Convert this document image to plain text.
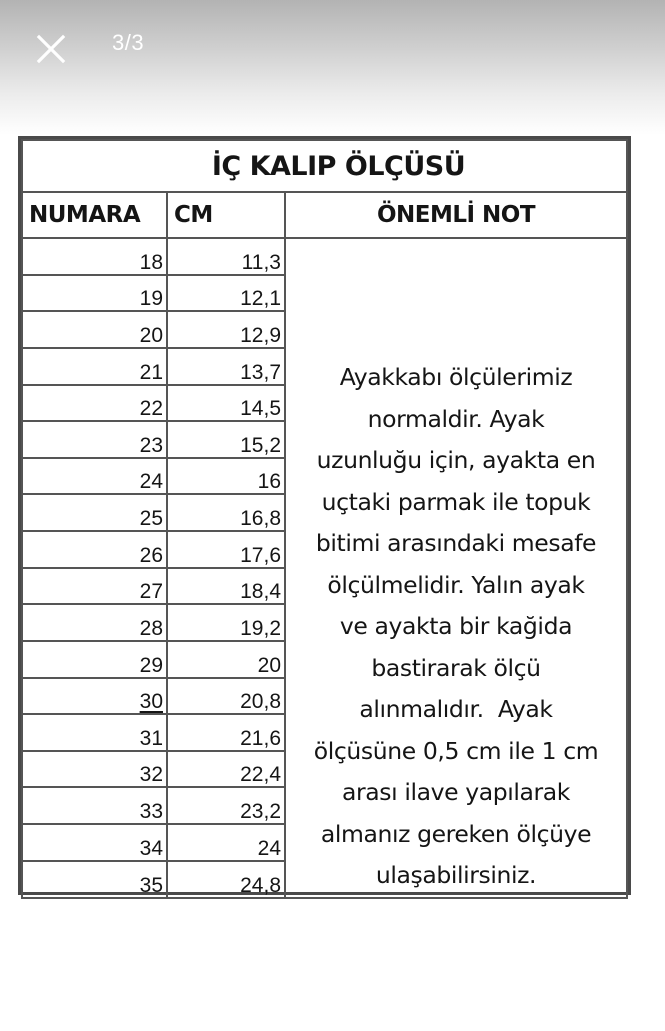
3/3
İÇ KALIP ÖLÇÜSÜ		
NUMARA	CM	ÖNEMLİ NOT
18	11,3	
Ayakkabı ölçülerimiz
normaldir. Ayak
uzunluğu için, ayakta en
uçtaki parmak ile topuk
bitimi arasındaki mesafe
ölçülmelidir. Yalın ayak
ve ayakta bir kağida
bastirarak ölçü
alınmalıdır.  Ayak
ölçüsüne 0,5 cm ile 1 cm
arası ilave yapılarak
almanız gereken ölçüye
ulaşabilirsiniz.

19	12,1	
20	12,9	
21	13,7	
22	14,5	
23	15,2	
24	16	
25	16,8	
26	17,6	
27	18,4	
28	19,2	
29	20	
30	20,8	
31	21,6	
32	22,4	
33	23,2	
34	24	
35	24,8	
